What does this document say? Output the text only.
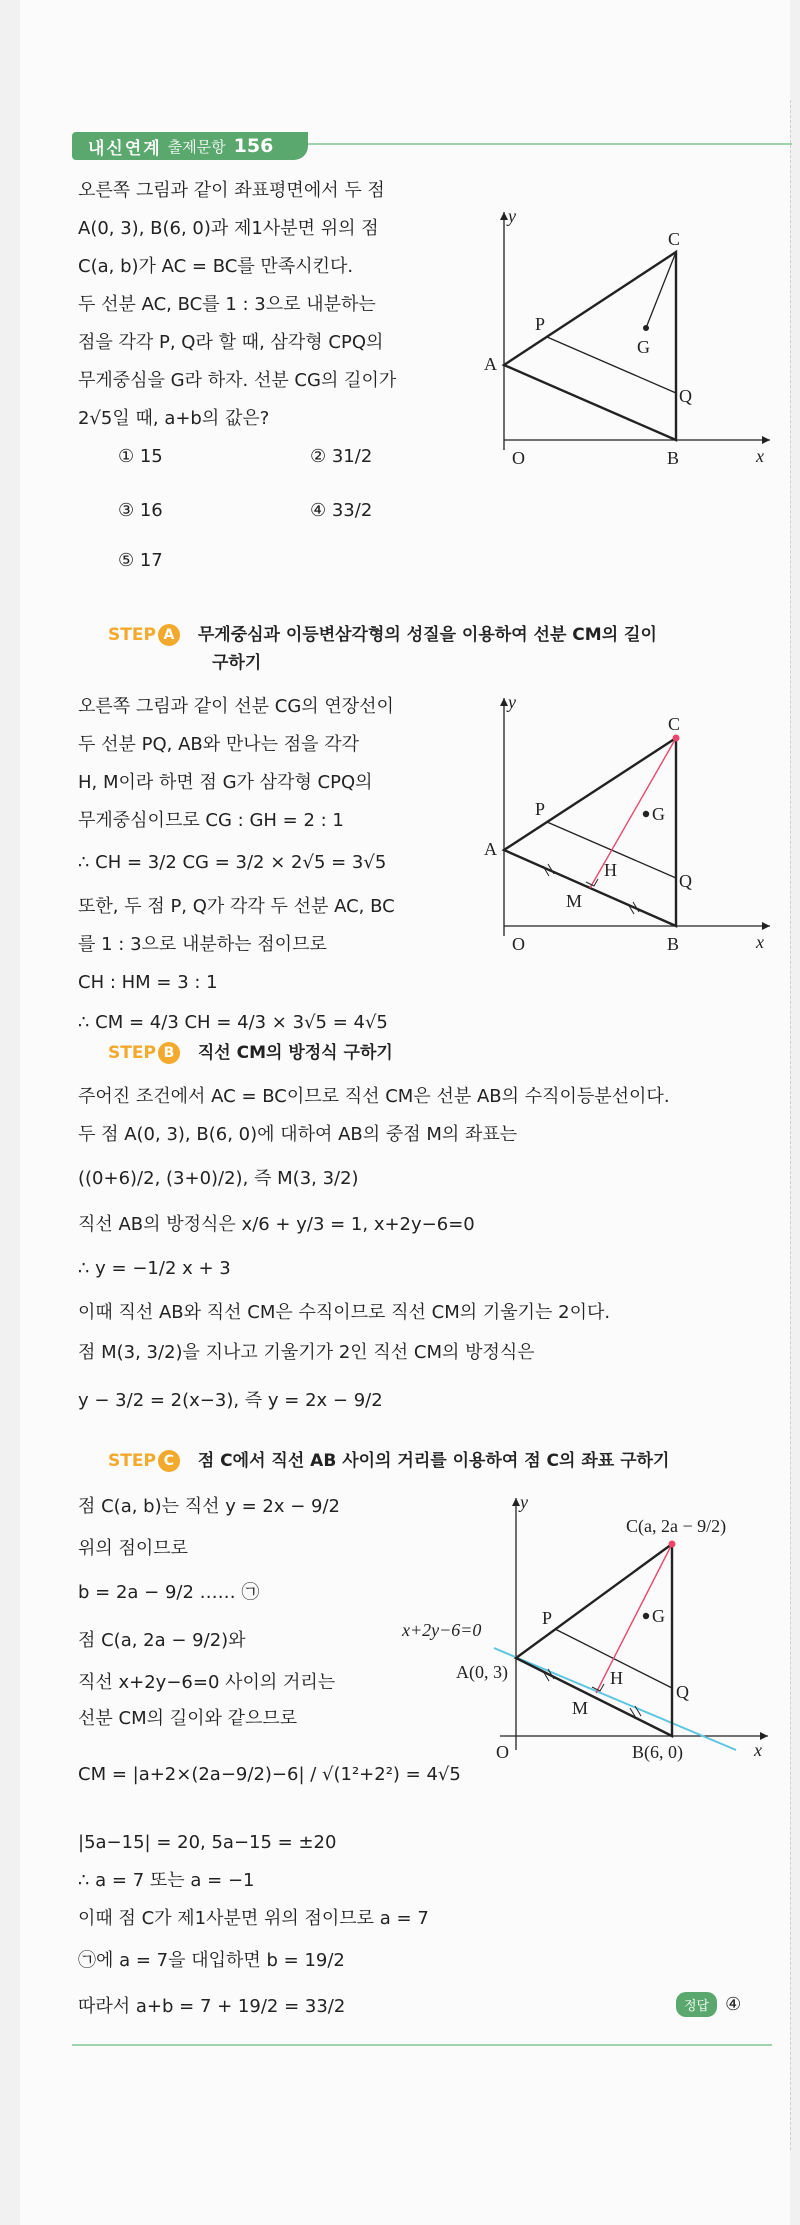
내신연계 출제문항 156
오른쪽 그림과 같이 좌표평면에서 두 점
A(0, 3), B(6, 0)과 제1사분면 위의 점
C(a, b)가 AC = BC를 만족시킨다.
두 선분 AC, BC를 1 : 3으로 내분하는
점을 각각 P, Q라 할 때, 삼각형 CPQ의
무게중심을 G라 하자. 선분 CG의 길이가
2√5일 때, a+b의 값은?
① 15	② 31/2
③ 16	④ 33/2
⑤ 17
y
x
O
A
B
C
P
Q
G
STEP A 무게중심과 이등변삼각형의 성질을 이용하여 선분 CM의 길이
구하기
오른쪽 그림과 같이 선분 CG의 연장선이
두 선분 PQ, AB와 만나는 점을 각각
H, M이라 하면 점 G가 삼각형 CPQ의
무게중심이므로 CG : GH = 2 : 1
∴ CH = 3/2 CG = 3/2 × 2√5 = 3√5
또한, 두 점 P, Q가 각각 두 선분 AC, BC
를 1 : 3으로 내분하는 점이므로
CH : HM = 3 : 1
∴ CM = 4/3 CH = 4/3 × 3√5 = 4√5
y
x
O
A
B
C
P
Q
G
H
M
STEP B 직선 CM의 방정식 구하기
주어진 조건에서 AC = BC이므로 직선 CM은 선분 AB의 수직이등분선이다.
두 점 A(0, 3), B(6, 0)에 대하여 AB의 중점 M의 좌표는
((0+6)/2, (3+0)/2), 즉 M(3, 3/2)
직선 AB의 방정식은 x/6 + y/3 = 1, x+2y−6=0
∴ y = −1/2 x + 3
이때 직선 AB와 직선 CM은 수직이므로 직선 CM의 기울기는 2이다.
점 M(3, 3/2)을 지나고 기울기가 2인 직선 CM의 방정식은
y − 3/2 = 2(x−3), 즉 y = 2x − 9/2
STEP C 점 C에서 직선 AB 사이의 거리를 이용하여 점 C의 좌표 구하기
점 C(a, b)는 직선 y = 2x − 9/2
위의 점이므로
b = 2a − 9/2 …… ㉠
점 C(a, 2a − 9/2)와
직선 x+2y−6=0 사이의 거리는
선분 CM의 길이와 같으므로
CM = |a+2×(2a−9/2)−6| / √(1²+2²) = 4√5
|5a−15| = 20, 5a−15 = ±20
∴ a = 7 또는 a = −1
이때 점 C가 제1사분면 위의 점이므로 a = 7
㉠에 a = 7을 대입하면 b = 19/2
따라서 a+b = 7 + 19/2 = 33/2
y
x
O
A(0, 3)
B(6, 0)
C(a, 2a − 9/2)
P
Q
G
H
M
x+2y−6=0
정답 ④
